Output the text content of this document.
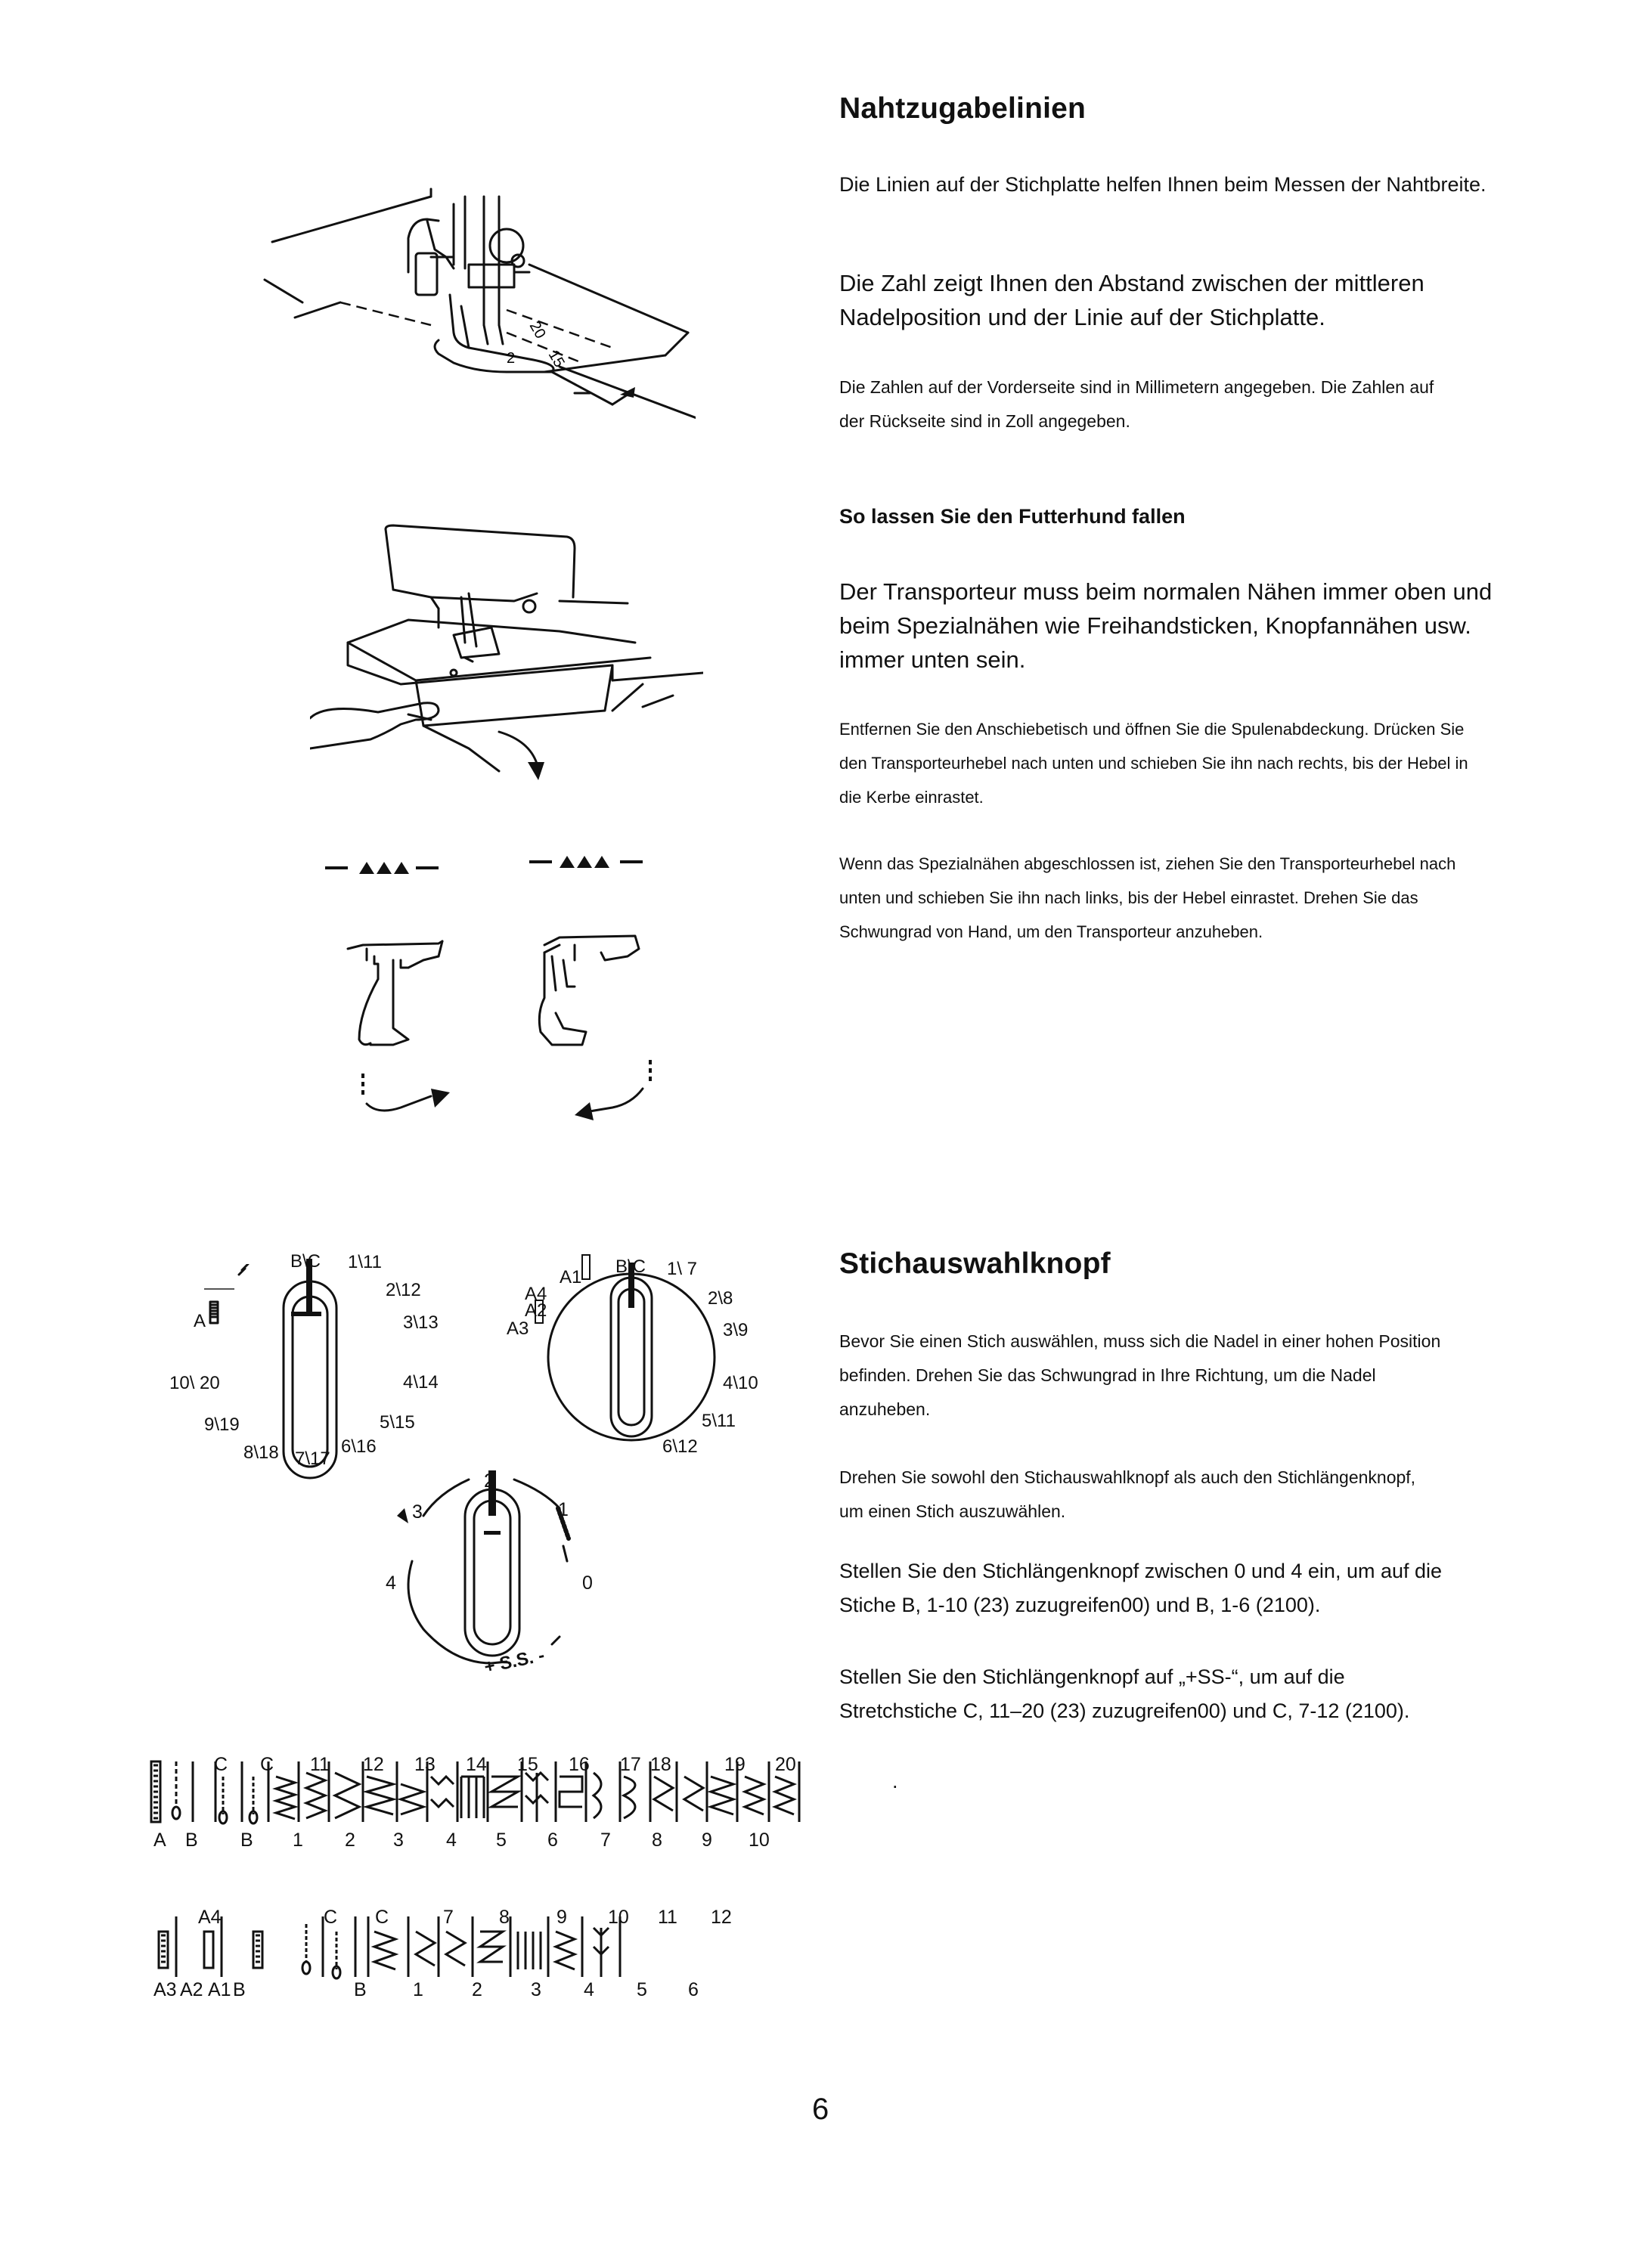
Nahtzugabelinien

Die Linien auf der Stichplatte helfen Ihnen beim Messen der Nahtbreite.

Die Zahl zeigt Ihnen den Abstand zwischen der mittleren Nadelposition und der Linie auf der Stichplatte.

Die Zahlen auf der Vorderseite sind in Millimetern angegeben. Die Zahlen auf der Rückseite sind in Zoll angegeben.

So lassen Sie den Futterhund fallen

Der Transporteur muss beim normalen Nähen immer oben und beim Spezialnähen wie Freihandsticken, Knopfannähen usw. immer unten sein.

Entfernen Sie den Anschiebetisch und öffnen Sie die Spulenabdeckung. Drücken Sie den Transporteurhebel nach unten und schieben Sie ihn nach rechts, bis der Hebel in die Kerbe einrastet.

Wenn das Spezialnähen abgeschlossen ist, ziehen Sie den Transporteurhebel nach unten und schieben Sie ihn nach links, bis der Hebel einrastet. Drehen Sie das Schwungrad von Hand, um den Transporteur anzuheben.

Stichauswahlknopf

Bevor Sie einen Stich auswählen, muss sich die Nadel in einer hohen Position befinden. Drehen Sie das Schwungrad in Ihre Richtung, um die Nadel anzuheben.

Drehen Sie sowohl den Stichauswahlknopf als auch den Stichlängenknopf, um einen Stich auszuwählen.

Stellen Sie den Stichlängenknopf zwischen 0 und 4 ein, um auf die Stiche B, 1-10 (23) zuzugreifen00) und B, 1-6 (2100).

Stellen Sie den Stichlängenknopf auf „+SS-“, um auf die Stretchstiche C, 11–20 (23) zuzugreifen00) und C, 7-12 (2100).

.
20
15
2
B\C 1\11
2\12
3\13
4\14
5\15
6\16
7\17
8\18
9\19
10\ 20
A
B\C 1\ 7
2\8
3\9
4\10
5\11
6\12
A1
A4
A2
A3
2
3	1
4	0
+ S.S. -
C C 11 12 13 14 15 16 17 18	19 20
A B B 1 2 3 4 5 6 7 8 9 10
A4	C C	7 8 9 10 11 12
A3 A2 A1 B	B 1	2	3 4 5 6
6
